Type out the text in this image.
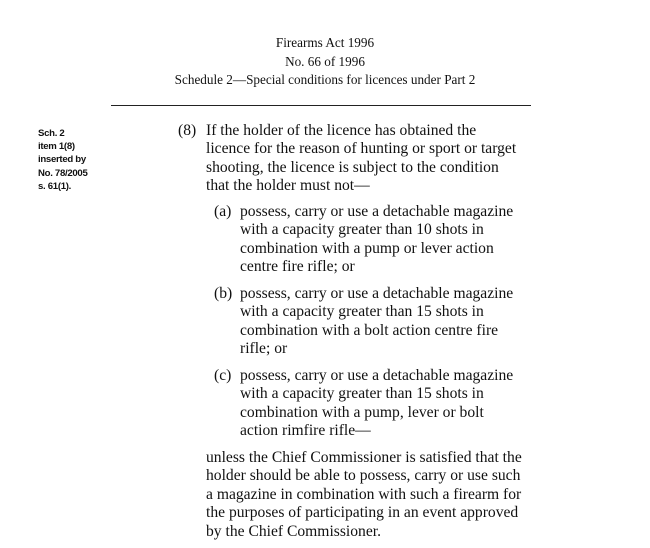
Firearms Act 1996
No. 66 of 1996
Schedule 2—Special conditions for licences under Part 2
Sch. 2
item 1(8)
inserted by
No. 78/2005
s. 61(1).
(8) If the holder of the licence has obtained the
licence for the reason of hunting or sport or target
shooting, the licence is subject to the condition
that the holder must not—
(a) possess, carry or use a detachable magazine
with a capacity greater than 10 shots in
combination with a pump or lever action
centre fire rifle; or
(b) possess, carry or use a detachable magazine
with a capacity greater than 15 shots in
combination with a bolt action centre fire
rifle; or
(c) possess, carry or use a detachable magazine
with a capacity greater than 15 shots in
combination with a pump, lever or bolt
action rimfire rifle—
unless the Chief Commissioner is satisfied that the
holder should be able to possess, carry or use such
a magazine in combination with such a firearm for
the purposes of participating in an event approved
by the Chief Commissioner.
